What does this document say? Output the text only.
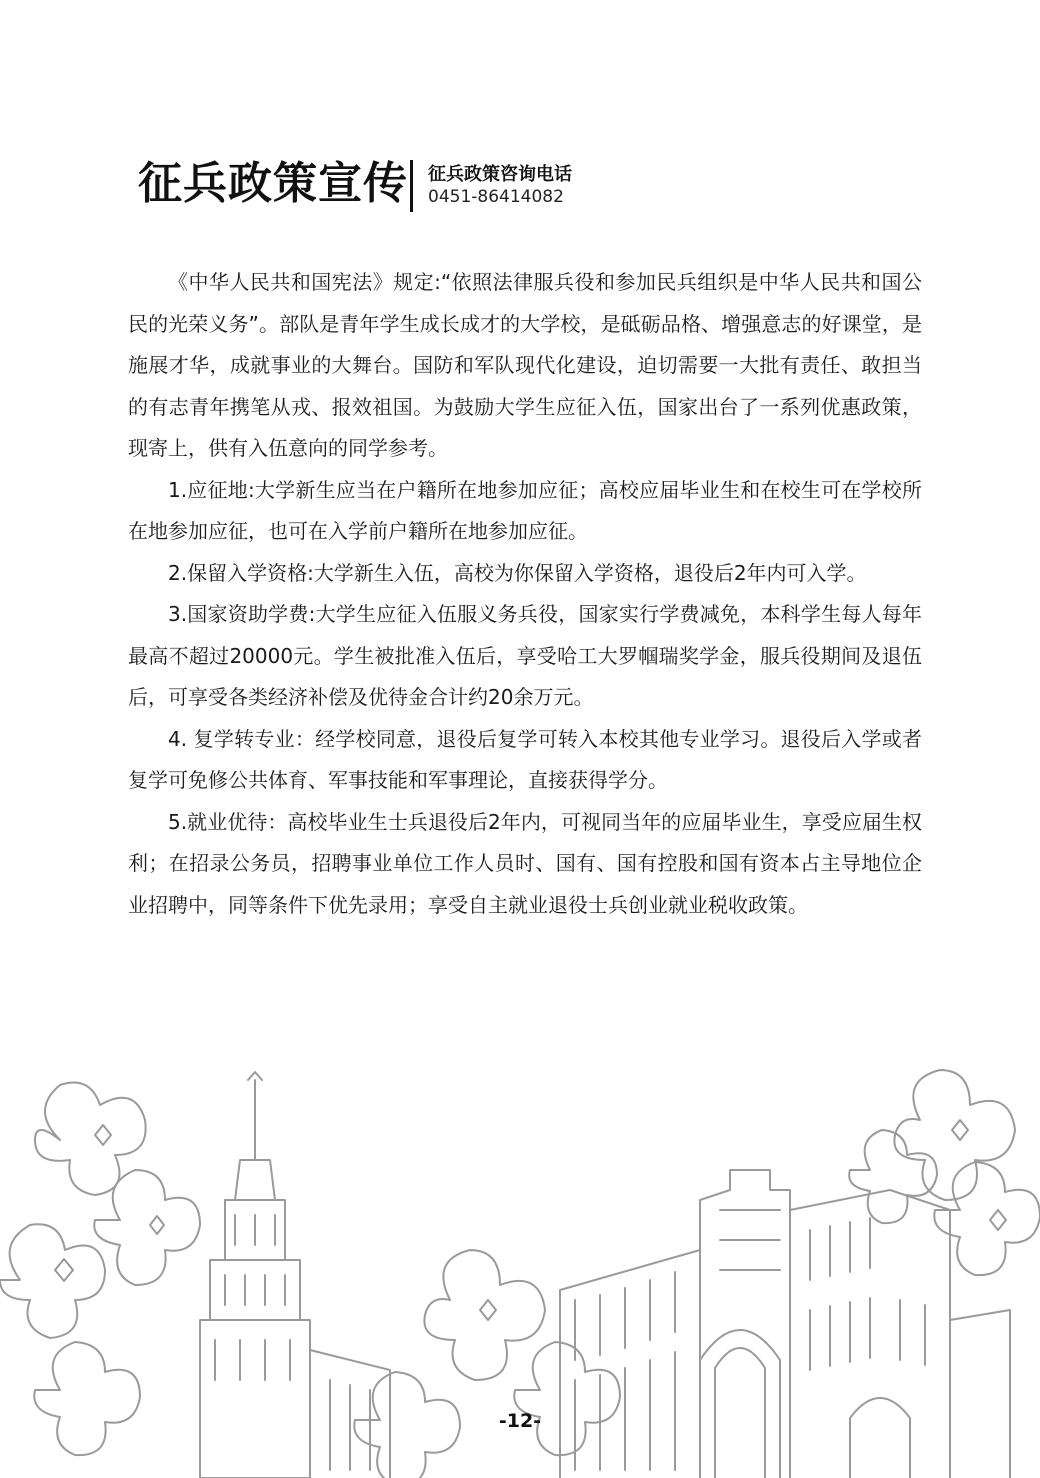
征兵政策宣传 征兵政策咨询电话
0451-86414082

《中华人民共和国宪法》规定:“依照法律服兵役和参加民兵组织是中华人民共和国公民的光荣义务”。部队是青年学生成长成才的大学校，是砥砺品格、增强意志的好课堂，是施展才华，成就事业的大舞台。国防和军队现代化建设，迫切需要一大批有责任、敢担当的有志青年携笔从戎、报效祖国。为鼓励大学生应征入伍，国家出台了一系列优惠政策，现寄上，供有入伍意向的同学参考。

1.应征地:大学新生应当在户籍所在地参加应征；高校应届毕业生和在校生可在学校所在地参加应征，也可在入学前户籍所在地参加应征。

2.保留入学资格:大学新生入伍，高校为你保留入学资格，退役后2年内可入学。

3.国家资助学费:大学生应征入伍服义务兵役，国家实行学费减免，本科学生每人每年最高不超过20000元。学生被批准入伍后，享受哈工大罗帼瑞奖学金，服兵役期间及退伍后，可享受各类经济补偿及优待金合计约20余万元。

4. 复学转专业：经学校同意，退役后复学可转入本校其他专业学习。退役后入学或者复学可免修公共体育、军事技能和军事理论，直接获得学分。

5.就业优待：高校毕业生士兵退役后2年内，可视同当年的应届毕业生，享受应届生权利；在招录公务员，招聘事业单位工作人员时、国有、国有控股和国有资本占主导地位企业招聘中，同等条件下优先录用；享受自主就业退役士兵创业就业税收政策。

-12-
